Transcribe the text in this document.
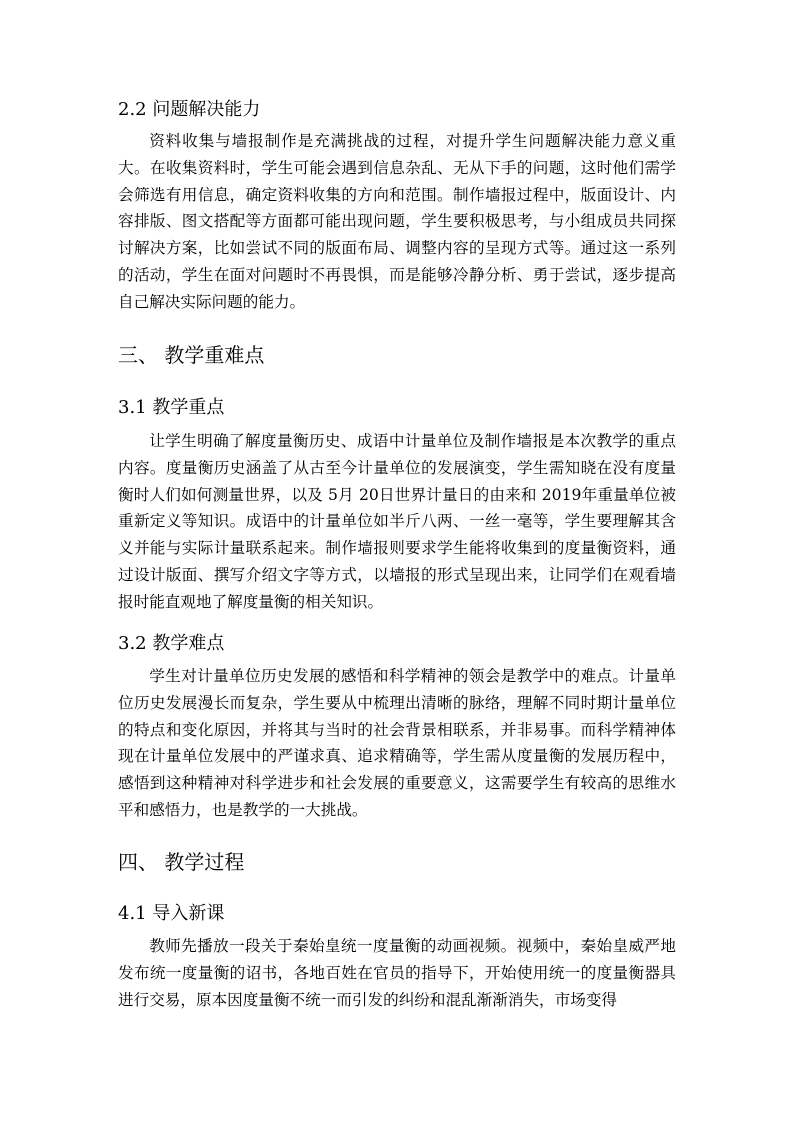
2.2 问题解决能力

资料收集与墙报制作是充满挑战的过程，对提升学生问题解决能力意义重大。在收集资料时，学生可能会遇到信息杂乱、无从下手的问题，这时他们需学会筛选有用信息，确定资料收集的方向和范围。制作墙报过程中，版面设计、内容排版、图文搭配等方面都可能出现问题，学生要积极思考，与小组成员共同探讨解决方案，比如尝试不同的版面布局、调整内容的呈现方式等。通过这一系列的活动，学生在面对问题时不再畏惧，而是能够冷静分析、勇于尝试，逐步提高自己解决实际问题的能力。

三、 教学重难点
3.1 教学重点

让学生明确了解度量衡历史、成语中计量单位及制作墙报是本次教学的重点内容。度量衡历史涵盖了从古至今计量单位的发展演变，学生需知晓在没有度量衡时人们如何测量世界，以及 5月 20日世界计量日的由来和 2019年重量单位被重新定义等知识。成语中的计量单位如半斤八两、一丝一毫等，学生要理解其含义并能与实际计量联系起来。制作墙报则要求学生能将收集到的度量衡资料，通过设计版面、撰写介绍文字等方式，以墙报的形式呈现出来，让同学们在观看墙报时能直观地了解度量衡的相关知识。

3.2 教学难点

学生对计量单位历史发展的感悟和科学精神的领会是教学中的难点。计量单位历史发展漫长而复杂，学生要从中梳理出清晰的脉络，理解不同时期计量单位的特点和变化原因，并将其与当时的社会背景相联系，并非易事。而科学精神体现在计量单位发展中的严谨求真、追求精确等，学生需从度量衡的发展历程中，感悟到这种精神对科学进步和社会发展的重要意义，这需要学生有较高的思维水平和感悟力，也是教学的一大挑战。

四、 教学过程
4.1 导入新课

教师先播放一段关于秦始皇统一度量衡的动画视频。视频中，秦始皇威严地发布统一度量衡的诏书，各地百姓在官员的指导下，开始使用统一的度量衡器具进行交易，原本因度量衡不统一而引发的纠纷和混乱渐渐消失，市场变得
